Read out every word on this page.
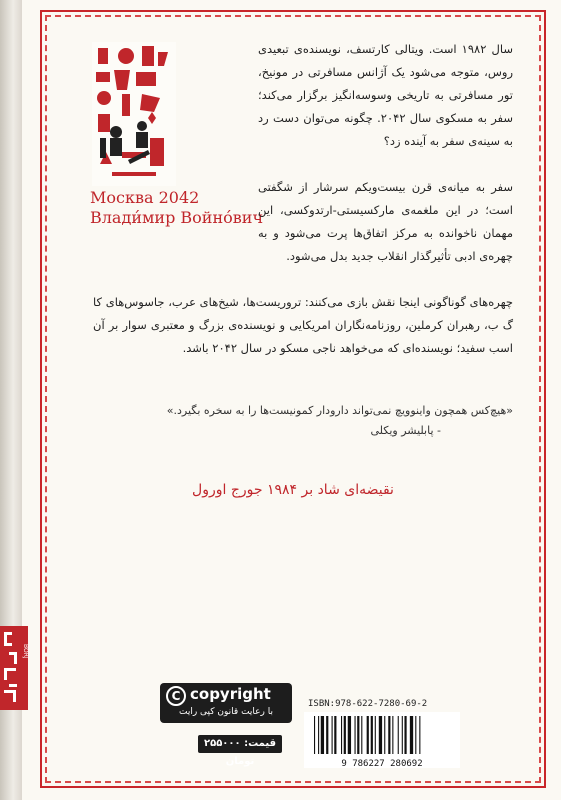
Москва 2042
Влади́мир Войно́вич
سال ۱۹۸۲ است. ویتالی کارتسف، نویسنده‌ی تبعیدی روس، متوجه می‌شود یک آژانس مسافرتی در مونیخ، تور مسافرتی به تاریخی وسوسه‌انگیز برگزار می‌کند؛ سفر به مسکوی سال ۲۰۴۲. چگونه می‌توان دست رد به سینه‌ی سفر به آینده زد؟
سفر به میانه‌ی قرن بیست‌ویکم سرشار از شگفتی است؛ در این ملغمه‌ی مارکسیستی-ارتدوکسی، این مهمان ناخوانده به مرکز اتفاق‌ها پرت می‌شود و به چهره‌ی ادبی تأثیرگذار انقلاب جدید بدل می‌شود.
چهره‌های گوناگونی اینجا نقش بازی می‌کنند: تروریست‌ها، شیخ‌های عرب، جاسوس‌های کا گ ب، رهبران کرملین، روزنامه‌نگاران امریکایی و نویسنده‌ی بزرگ و معتبری سوار بر آن اسب سفید؛ نویسنده‌ای که می‌خواهد ناجی مسکو در سال ۲۰۴۲ باشد.
«هیچ‌کس همچون واینوویچ نمی‌تواند دارودار کمونیست‌ها را به سخره بگیرد.»
- پابلیشر ویکلی
نقیضه‌ای شاد بر ۱۹۸۴ جورج اورول
BORJ
C copyright
با رعایت قانون کپی رایت
قیمت: ۲۵۵۰۰۰ تومان
ISBN:978-622-7280-69-2
9 786227 280692
